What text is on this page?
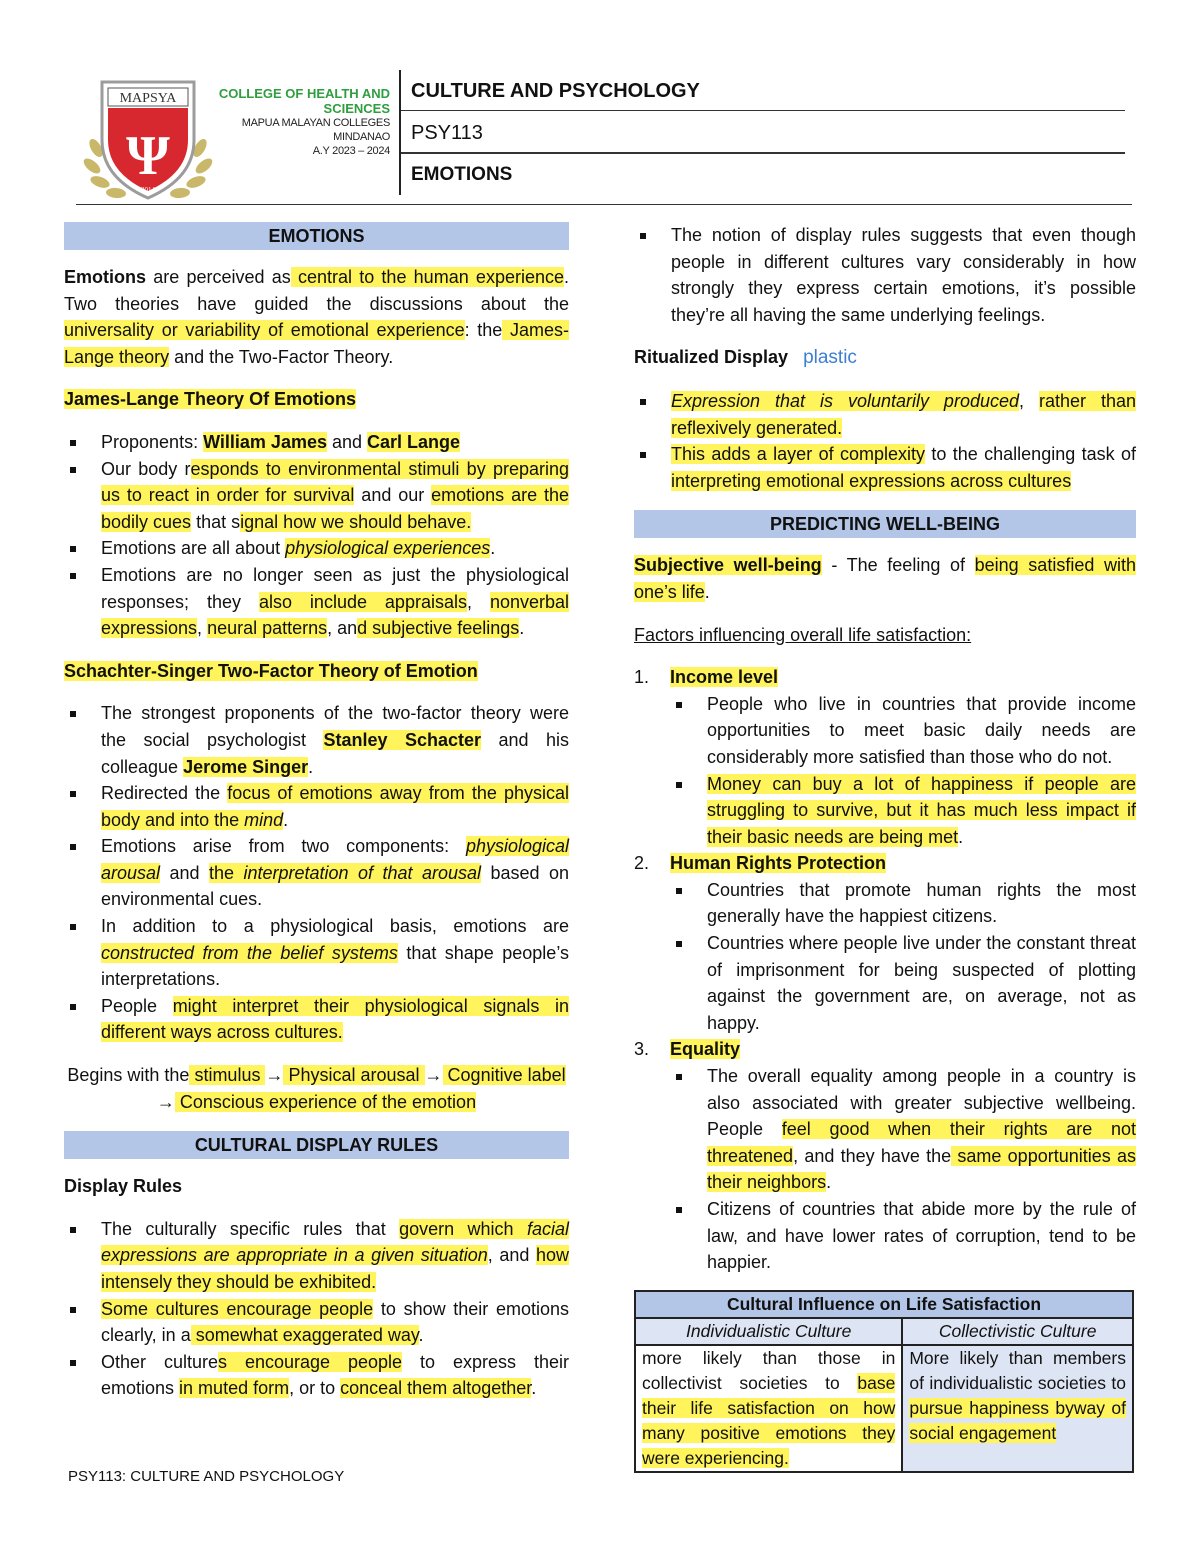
MAPSYA
Ψ
2014
COLLEGE OF HEALTH AND SCIENCES
MAPUA MALAYAN COLLEGES MINDANAO
A.Y 2023 – 2024
CULTURE AND PSYCHOLOGY
PSY113
EMOTIONS
EMOTIONS

Emotions are perceived as central to the human experience. Two theories have guided the discussions about the universality or variability of emotional experience: the James-Lange theory and the Two-Factor Theory.

James-Lange Theory Of Emotions
Proponents: William James and Carl Lange
Our body responds to environmental stimuli by preparing us to react in order for survival and our emotions are the bodily cues that signal how we should behave.
Emotions are all about physiological experiences.
Emotions are no longer seen as just the physiological responses; they also include appraisals, nonverbal expressions, neural patterns, and subjective feelings.
Schachter-Singer Two-Factor Theory of Emotion
The strongest proponents of the two-factor theory were the social psychologist Stanley Schacter and his colleague Jerome Singer.
Redirected the focus of emotions away from the physical body and into the mind.
Emotions arise from two components: physiological arousal and the interpretation of that arousal based on environmental cues.
In addition to a physiological basis, emotions are constructed from the belief systems that shape people’s interpretations.
People might interpret their physiological signals in different ways across cultures.

Begins with the stimulus → Physical arousal → Cognitive label
→ Conscious experience of the emotion

CULTURAL DISPLAY RULES
Display Rules
The culturally specific rules that govern which facial expressions are appropriate in a given situation, and how intensely they should be exhibited.
Some cultures encourage people to show their emotions clearly, in a somewhat exaggerated way.
Other cultures encourage people to express their emotions in muted form, or to conceal them altogether.
The notion of display rules suggests that even though people in different cultures vary considerably in how strongly they express certain emotions, it’s possible they’re all having the same underlying feelings.
Ritualized Display plastic
Expression that is voluntarily produced, rather than reflexively generated.
This adds a layer of complexity to the challenging task of interpreting emotional expressions across cultures
PREDICTING WELL-BEING

Subjective well-being - The feeling of being satisfied with one’s life.

Factors influencing overall life satisfaction:
1. Income level
People who live in countries that provide income opportunities to meet basic daily needs are considerably more satisfied than those who do not.
Money can buy a lot of happiness if people are struggling to survive, but it has much less impact if their basic needs are being met.
2. Human Rights Protection
Countries that promote human rights the most generally have the happiest citizens.
Countries where people live under the constant threat of imprisonment for being suspected of plotting against the government are, on average, not as happy.
3. Equality
The overall equality among people in a country is also associated with greater subjective wellbeing. People feel good when their rights are not threatened, and they have the same opportunities as their neighbors.
Citizens of countries that abide more by the rule of law, and have lower rates of corruption, tend to be happier.
Cultural Influence on Life Satisfaction	
Individualistic Culture	Collectivistic Culture
more likely than those in collectivist societies to base their life satisfaction on how many positive emotions they were experiencing.	More likely than members of individualistic societies to pursue happiness byway of social engagement
PSY113: CULTURE AND PSYCHOLOGY
